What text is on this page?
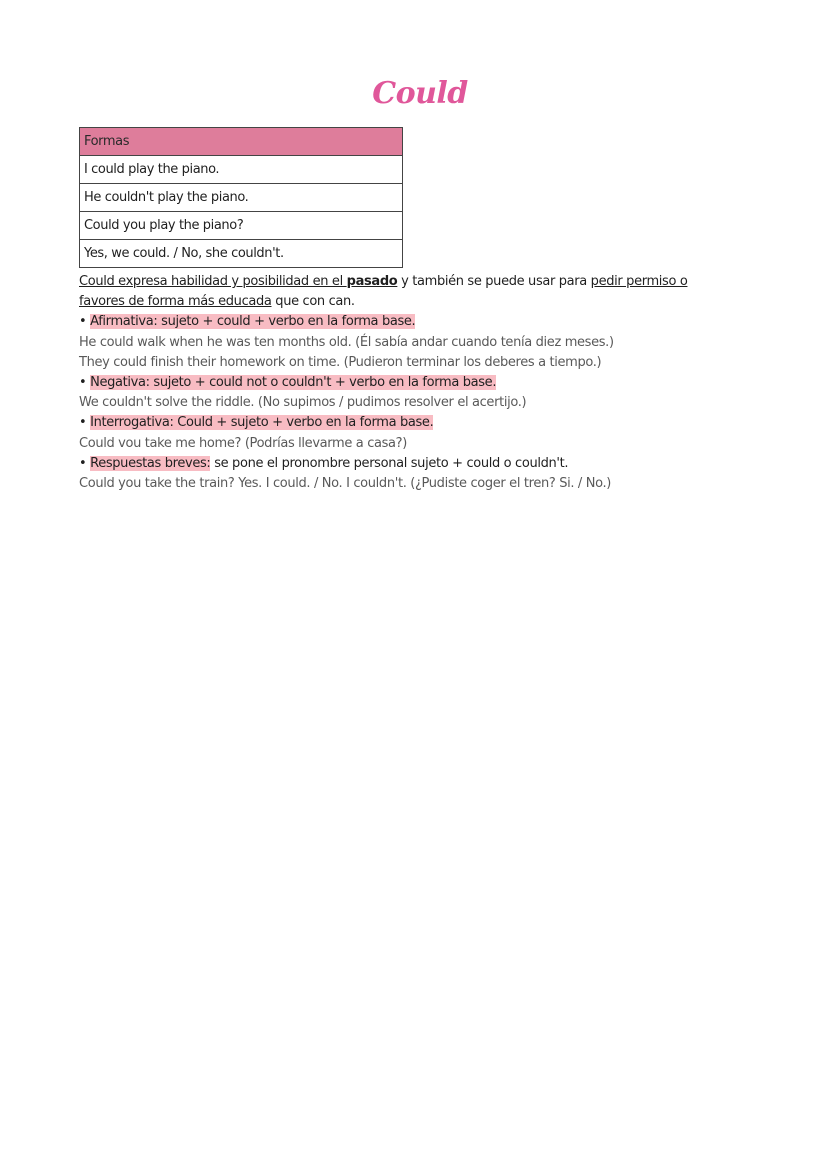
Could
Formas
I could play the piano.
He couldn't play the piano.
Could you play the piano?
Yes, we could. / No, she couldn't.
Could expresa habilidad y posibilidad en el pasado y también se puede usar para pedir permiso o
favores de forma más educada que con can.
• Afirmativa: sujeto + could + verbo en la forma base.
He could walk when he was ten months old. (Él sabía andar cuando tenía diez meses.)
They could finish their homework on time. (Pudieron terminar los deberes a tiempo.)
• Negativa: sujeto + could not o couldn't + verbo en la forma base.
We couldn't solve the riddle. (No supimos / pudimos resolver el acertijo.)
• Interrogativa: Could + sujeto + verbo en la forma base.
Could vou take me home? (Podrías llevarme a casa?)
• Respuestas breves: se pone el pronombre personal sujeto + could o couldn't.
Could you take the train? Yes. I could. / No. I couldn't. (¿Pudiste coger el tren? Si. / No.)
